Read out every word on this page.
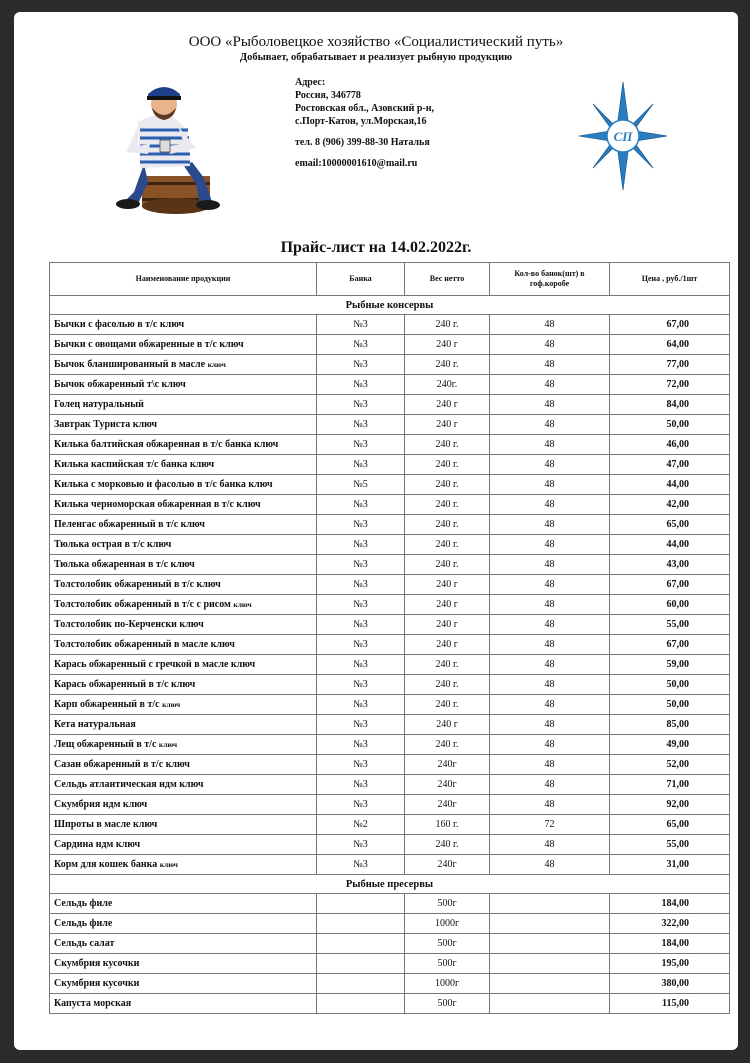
ООО «Рыболовецкое хозяйство «Социалистический путь»
Добывает, обрабатывает и реализует рыбную продукцию
Адрес:
Россия, 346778
Ростовская обл., Азовский р-н,
с.Порт-Катон, ул.Морская,16
тел. 8 (906) 399-88-30 Наталья
email:10000001610@mail.ru
СП
Прайс-лист на 14.02.2022г.
Наименование продукции	Банка	Вес нетто	Кол-во банок(шт) в гоф.коробе	Цена , руб./1шт
Рыбные консервы				
Бычки с фасолью в т/с ключ	№3	240 г.	48	67,00
Бычки с овощами обжаренные в т/с ключ	№3	240 г	48	64,00
Бычок бланшированный в масле ключ	№3	240 г.	48	77,00
Бычок обжаренный т\с ключ	№3	240г.	48	72,00
Голец натуральный	№3	240 г	48	84,00
Завтрак Туриста ключ	№3	240 г	48	50,00
Килька балтийская обжаренная в т/с банка ключ	№3	240 г.	48	46,00
Килька каспийская т/с банка ключ	№3	240 г.	48	47,00
Килька с морковью и фасолью в т/с банка ключ	№5	240 г.	48	44,00
Килька черноморская обжаренная в т/с ключ	№3	240 г.	48	42,00
Пеленгас обжаренный в т/с ключ	№3	240 г.	48	65,00
Тюлька острая в т/с ключ	№3	240 г.	48	44,00
Тюлька обжаренная в т/с ключ	№3	240 г.	48	43,00
Толстолобик обжаренный в т/с ключ	№3	240 г	48	67,00
Толстолобик обжаренный в т/с с рисом ключ	№3	240 г	48	60,00
Толстолобик по-Керченски ключ	№3	240 г	48	55,00
Толстолобик обжаренный в масле ключ	№3	240 г	48	67,00
Карась обжаренный с гречкой в масле ключ	№3	240 г.	48	59,00
Карась обжаренный в т/с ключ	№3	240 г.	48	50,00
Карп обжаренный в т/с ключ	№3	240 г.	48	50,00
Кета натуральная	№3	240 г	48	85,00
Лещ обжаренный в т/с ключ	№3	240 г.	48	49,00
Сазан обжаренный в т/с ключ	№3	240г	48	52,00
Сельдь атлантическая ндм ключ	№3	240г	48	71,00
Скумбрия ндм ключ	№3	240г	48	92,00
Шпроты в масле ключ	№2	160 г.	72	65,00
Сардина ндм ключ	№3	240 г.	48	55,00
Корм для кошек банка ключ	№3	240г	48	31,00
Рыбные пресервы				
Сельдь филе		500г		184,00
Сельдь филе		1000г		322,00
Сельдь салат		500г		184,00
Скумбрия кусочки		500г		195,00
Скумбрия кусочки		1000г		380,00
Капуста морская		500г		115,00
